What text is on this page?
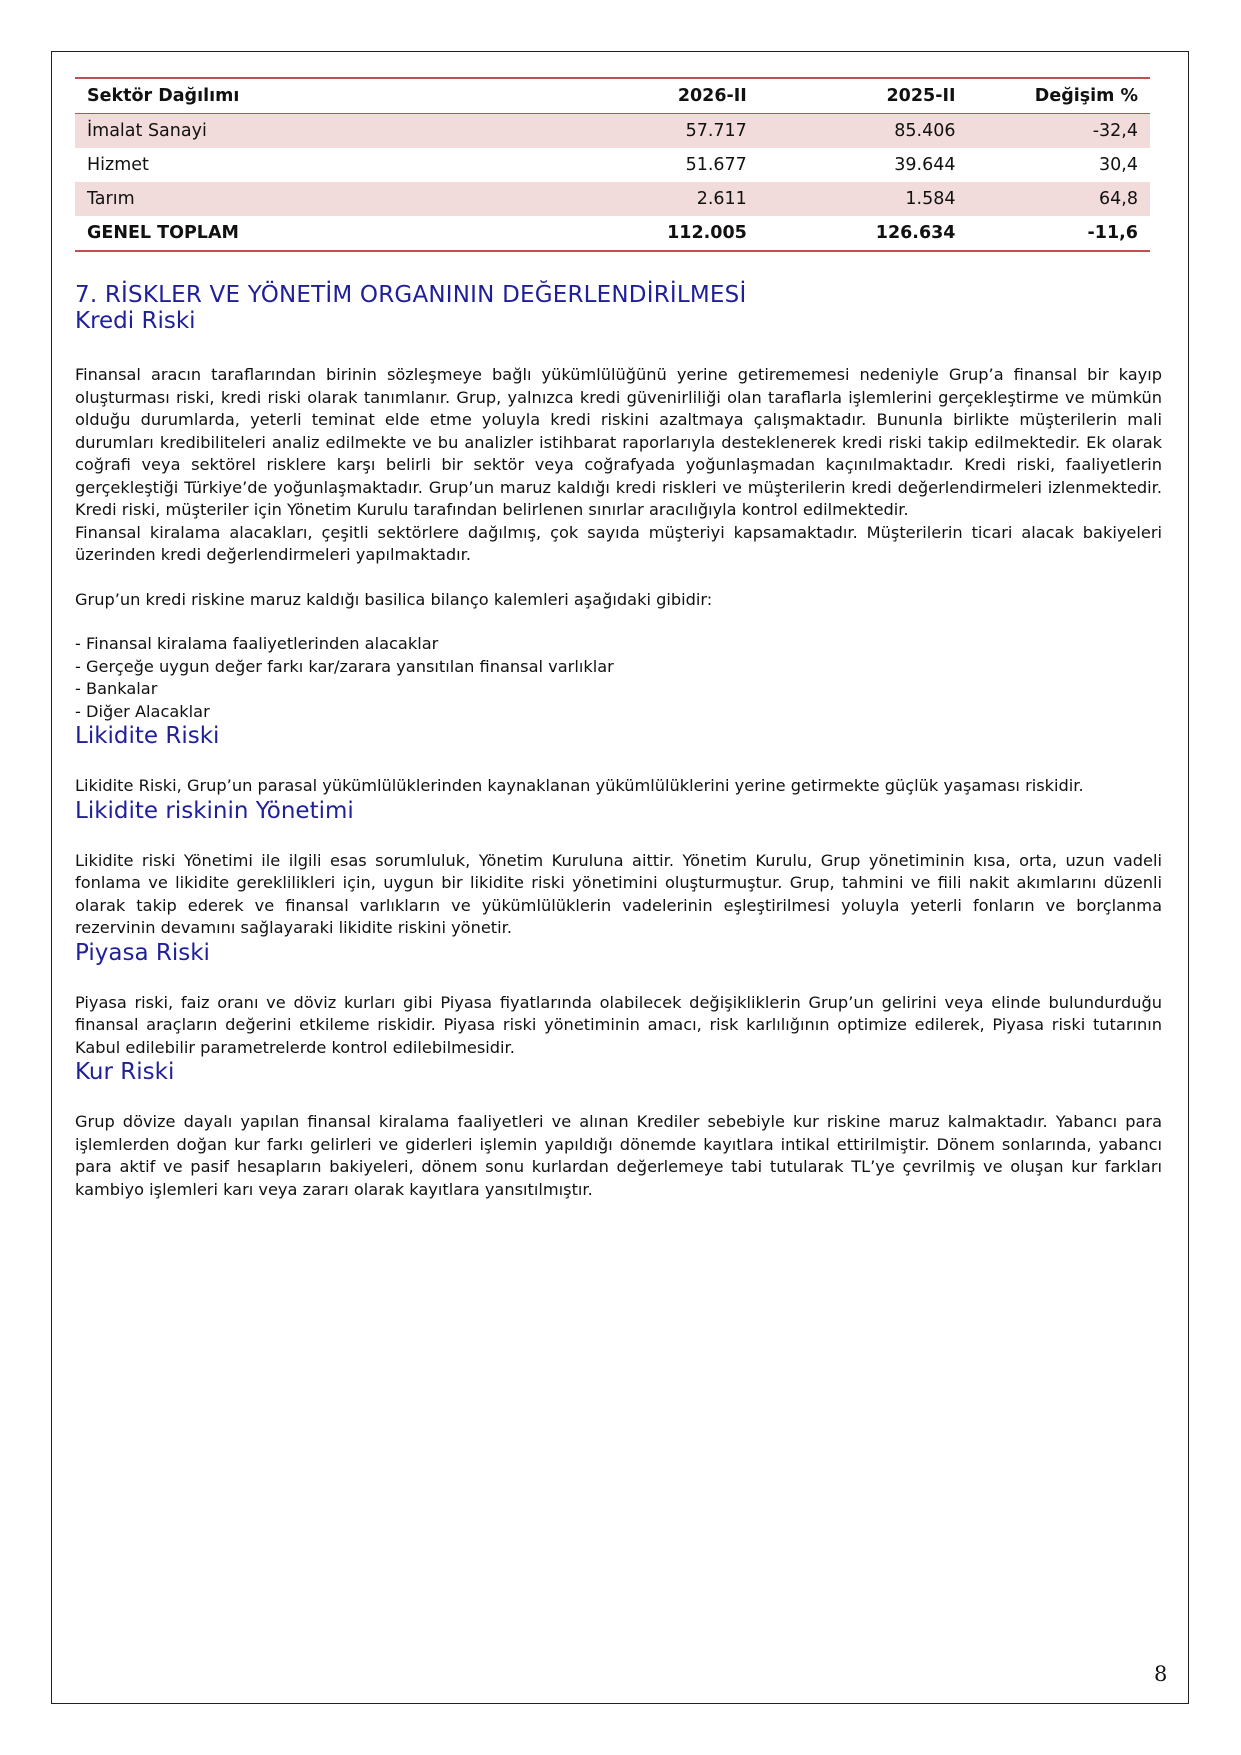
Sektör Dağılımı	2026-II	2025-II	Değişim %
İmalat Sanayi	57.717	85.406	-32,4
Hizmet	51.677	39.644	30,4
Tarım	2.611	1.584	64,8
GENEL TOPLAM	112.005	126.634	-11,6
7. RİSKLER VE YÖNETİM ORGANININ DEĞERLENDİRİLMESİ
Kredi Riski

Finansal aracın taraflarından birinin sözleşmeye bağlı yükümlülüğünü yerine getirememesi nedeniyle Grup’a finansal bir kayıp oluşturması riski, kredi riski olarak tanımlanır. Grup, yalnızca kredi güvenirliliği olan taraflarla işlemlerini gerçekleştirme ve mümkün olduğu durumlarda, yeterli teminat elde etme yoluyla kredi riskini azaltmaya çalışmaktadır. Bununla birlikte müşterilerin mali durumları kredibiliteleri analiz edilmekte ve bu analizler istihbarat raporlarıyla desteklenerek kredi riski takip edilmektedir. Ek olarak coğrafi veya sektörel risklere karşı belirli bir sektör veya coğrafyada yoğunlaşmadan kaçınılmaktadır. Kredi riski, faaliyetlerin gerçekleştiği Türkiye’de yoğunlaşmaktadır. Grup’un maruz kaldığı kredi riskleri ve müşterilerin kredi değerlendirmeleri izlenmektedir. Kredi riski, müşteriler için Yönetim Kurulu tarafından belirlenen sınırlar aracılığıyla kontrol edilmektedir.

Finansal kiralama alacakları, çeşitli sektörlere dağılmış, çok sayıda müşteriyi kapsamaktadır. Müşterilerin ticari alacak bakiyeleri üzerinden kredi değerlendirmeleri yapılmaktadır.

Grup’un kredi riskine maruz kaldığı basilica bilanço kalemleri aşağıdaki gibidir:

- Finansal kiralama faaliyetlerinden alacaklar

- Gerçeğe uygun değer farkı kar/zarara yansıtılan finansal varlıklar

- Bankalar

- Diğer Alacaklar

Likidite Riski

Likidite Riski, Grup’un parasal yükümlülüklerinden kaynaklanan yükümlülüklerini yerine getirmekte güçlük yaşaması riskidir.

Likidite riskinin Yönetimi

Likidite riski Yönetimi ile ilgili esas sorumluluk, Yönetim Kuruluna aittir. Yönetim Kurulu, Grup yönetiminin kısa, orta, uzun vadeli fonlama ve likidite gereklilikleri için, uygun bir likidite riski yönetimini oluşturmuştur. Grup, tahmini ve fiili nakit akımlarını düzenli olarak takip ederek ve finansal varlıkların ve yükümlülüklerin vadelerinin eşleştirilmesi yoluyla yeterli fonların ve borçlanma rezervinin devamını sağlayaraki likidite riskini yönetir.

Piyasa Riski

Piyasa riski, faiz oranı ve döviz kurları gibi Piyasa fiyatlarında olabilecek değişikliklerin Grup’un gelirini veya elinde bulundurduğu finansal araçların değerini etkileme riskidir. Piyasa riski yönetiminin amacı, risk karlılığının optimize edilerek, Piyasa riski tutarının Kabul edilebilir parametrelerde kontrol edilebilmesidir.

Kur Riski

Grup dövize dayalı yapılan finansal kiralama faaliyetleri ve alınan Krediler sebebiyle kur riskine maruz kalmaktadır. Yabancı para işlemlerden doğan kur farkı gelirleri ve giderleri işlemin yapıldığı dönemde kayıtlara intikal ettirilmiştir. Dönem sonlarında, yabancı para aktif ve pasif hesapların bakiyeleri, dönem sonu kurlardan değerlemeye tabi tutularak TL’ye çevrilmiş ve oluşan kur farkları kambiyo işlemleri karı veya zararı olarak kayıtlara yansıtılmıştır.

8
